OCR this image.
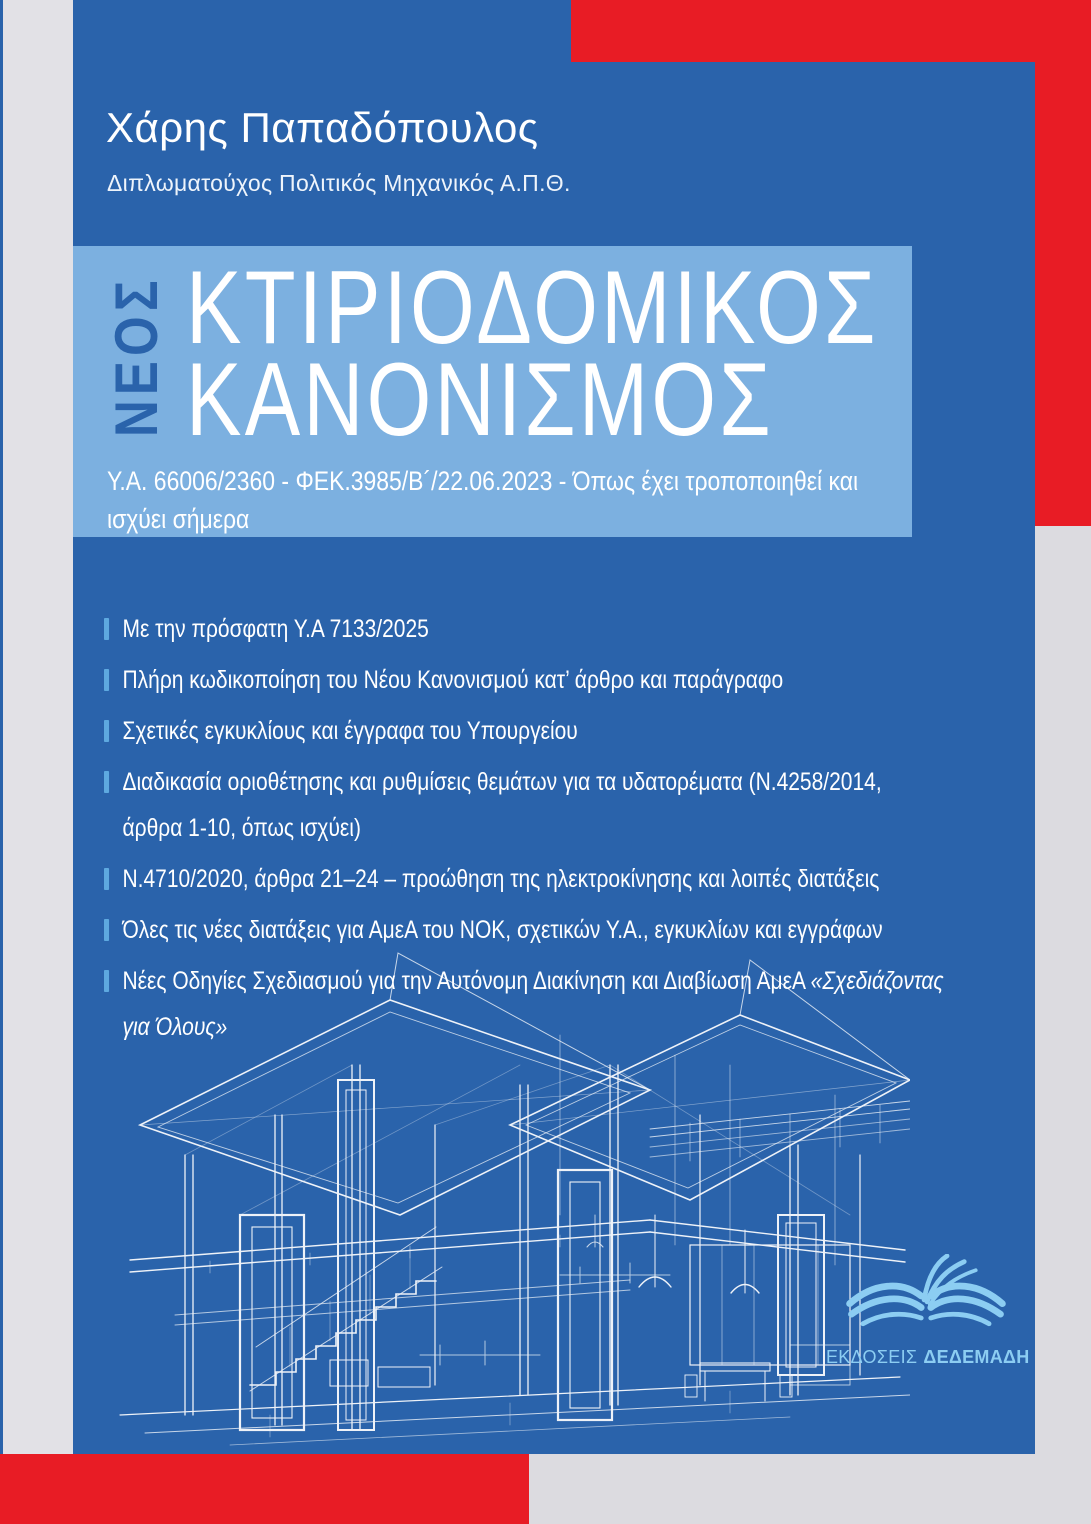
Χάρης Παπαδόπουλος
Διπλωματούχος Πολιτικός Μηχανικός Α.Π.Θ.
ΝΕΟΣ ΚΤΙΡΙΟΔΟΜΙΚΟΣ
ΚΑΝΟΝΙΣΜΟΣ
Υ.Α. 66006/2360 - ΦΕΚ.3985/Β´/22.06.2023 - Όπως έχει τροποποιηθεί και ισχύει σήμερα
Με την πρόσφατη Υ.Α 7133/2025
Πλήρη κωδικοποίηση του Νέου Κανονισμού κατ’ άρθρο και παράγραφο
Σχετικές εγκυκλίους και έγγραφα του Υπουργείου
Διαδικασία οριοθέτησης και ρυθμίσεις θεμάτων για τα υδατορέματα (Ν.4258/2014, άρθρα 1-10, όπως ισχύει)
Ν.4710/2020, άρθρα 21–24 – προώθηση της ηλεκτροκίνησης και λοιπές διατάξεις
Όλες τις νέες διατάξεις για ΑμεΑ του ΝΟΚ, σχετικών Υ.Α., εγκυκλίων και εγγράφων
Νέες Οδηγίες Σχεδιασμού για την Αυτόνομη Διακίνηση και Διαβίωση ΑμεΑ «Σχεδιάζοντας για Όλους»
ΕΚΔΟΣΕΙΣ ΔΕΔΕΜΑΔΗ
